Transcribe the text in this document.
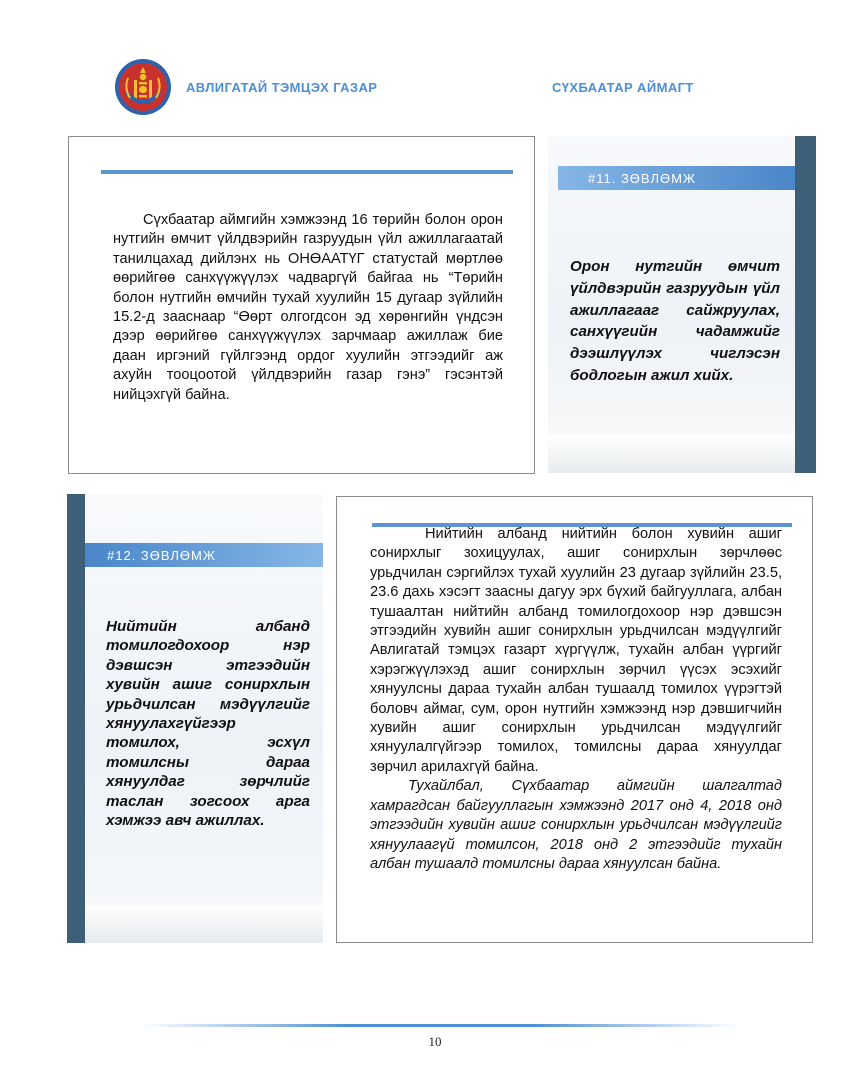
АВЛИГАТАЙ ТЭМЦЭХ ГАЗАР	СҮХБААТАР АЙМАГТ

Сүхбаатар аймгийн хэмжээнд 16 төрийн болон орон нутгийн өмчит үйлдвэрийн газруудын үйл ажиллагаатай танилцахад дийлэнх нь ОНӨААТҮГ статустай мөртлөө өөрийгөө санхүүжүүлэх чадваргүй байгаа нь “Төрийн болон нутгийн өмчийн тухай хуулийн 15 дугаар зүйлийн 15.2-д зааснаар “Өөрт олгогдсон эд хөрөнгийн үндсэн дээр өөрийгөө санхүүжүүлэх зарчмаар ажиллаж бие даан иргэний гүйлгээнд ордог хуулийн этгээдийг аж ахуйн тооцоотой үйлдвэрийн газар гэнэ” гэсэнтэй нийцэхгүй байна.

#11. ЗӨВЛӨМЖ

Орон нутгийн өмчит үйлдвэрийн газруудын үйл ажиллагааг сайжруулах, санхүүгийн чадамжийг дээшлүүлэх чиглэсэн бодлогын ажил хийх.

#12. ЗӨВЛӨМЖ

Нийтийн албанд томилогдохоор нэр дэвшсэн этгээдийн хувийн ашиг сонирхлын урьдчилсан мэдүүлгийг хянуулахгүйгээр томилох, эсхүл томилсны дараа хянуулдаг зөрчлийг таслан зогсоох арга хэмжээ авч ажиллах.

Нийтийн албанд нийтийн болон хувийн ашиг сонирхлыг зохицуулах, ашиг сонирхлын зөрчлөөс урьдчилан сэргийлэх тухай хуулийн 23 дугаар зүйлийн 23.5, 23.6 дахь хэсэгт заасны дагуу эрх бүхий байгууллага, албан тушаалтан нийтийн албанд томилогдохоор нэр дэвшсэн этгээдийн хувийн ашиг сонирхлын урьдчилсан мэдүүлгийг Авлигатай тэмцэх газарт хүргүүлж, тухайн албан үүргийг хэрэгжүүлэхэд ашиг сонирхлын зөрчил үүсэх эсэхийг хянуулсны дараа тухайн албан тушаалд томилох үүрэгтэй боловч аймаг, сум, орон нутгийн хэмжээнд нэр дэвшигчийн хувийн ашиг сонирхлын урьдчилсан мэдүүлгийг хянуулалгүйгээр томилох, томилсны дараа хянуулдаг зөрчил арилахгүй байна.

Тухайлбал, Сүхбаатар аймгийн шалгалтад хамрагдсан байгууллагын хэмжээнд 2017 онд 4, 2018 онд этгээдийн хувийн ашиг сонирхлын урьдчилсан мэдүүлгийг хянуулаагүй томилсон, 2018 онд 2 этгээдийг тухайн албан тушаалд томилсны дараа хянуулсан байна.

10
